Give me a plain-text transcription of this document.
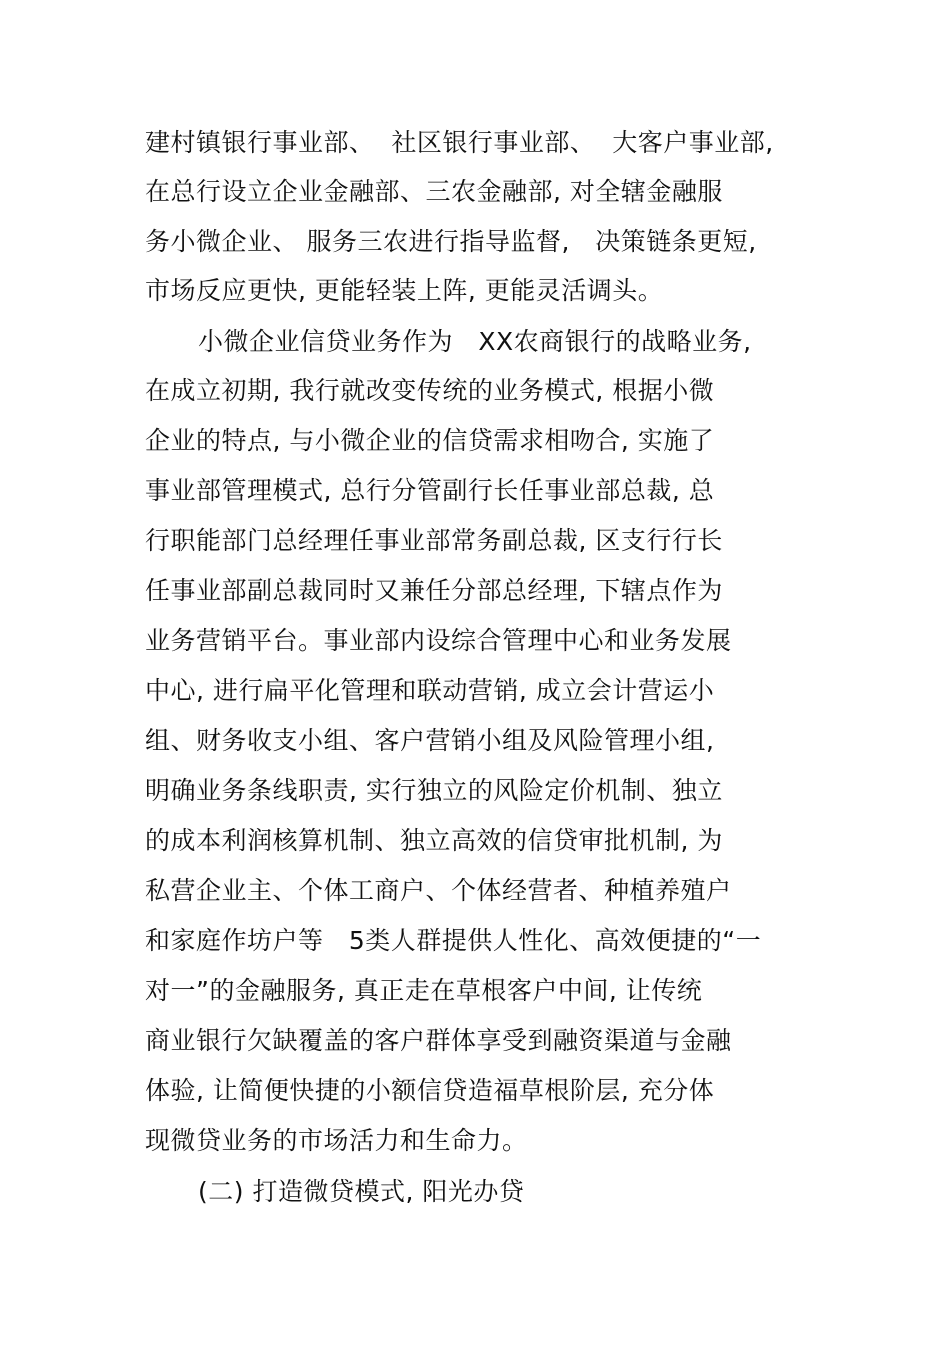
建村镇银行事业部、  社区银行事业部、  大客户事业部,
在总行设立企业金融部、三农金融部, 对全辖金融服
务小微企业、 服务三农进行指导监督,   决策链条更短,
市场反应更快, 更能轻装上阵, 更能灵活调头。
小微企业信贷业务作为   XX农商银行的战略业务,
在成立初期, 我行就改变传统的业务模式, 根据小微
企业的特点, 与小微企业的信贷需求相吻合, 实施了
事业部管理模式, 总行分管副行长任事业部总裁, 总
行职能部门总经理任事业部常务副总裁, 区支行行长
任事业部副总裁同时又兼任分部总经理, 下辖点作为
业务营销平台。事业部内设综合管理中心和业务发展
中心, 进行扁平化管理和联动营销, 成立会计营运小
组、财务收支小组、客户营销小组及风险管理小组,
明确业务条线职责, 实行独立的风险定价机制、独立
的成本利润核算机制、独立高效的信贷审批机制, 为
私营企业主、个体工商户、个体经营者、种植养殖户
和家庭作坊户等   5类人群提供人性化、高效便捷的“一
对一”的金融服务, 真正走在草根客户中间, 让传统
商业银行欠缺覆盖的客户群体享受到融资渠道与金融
体验, 让简便快捷的小额信贷造福草根阶层, 充分体
现微贷业务的市场活力和生命力。
(二) 打造微贷模式, 阳光办贷
